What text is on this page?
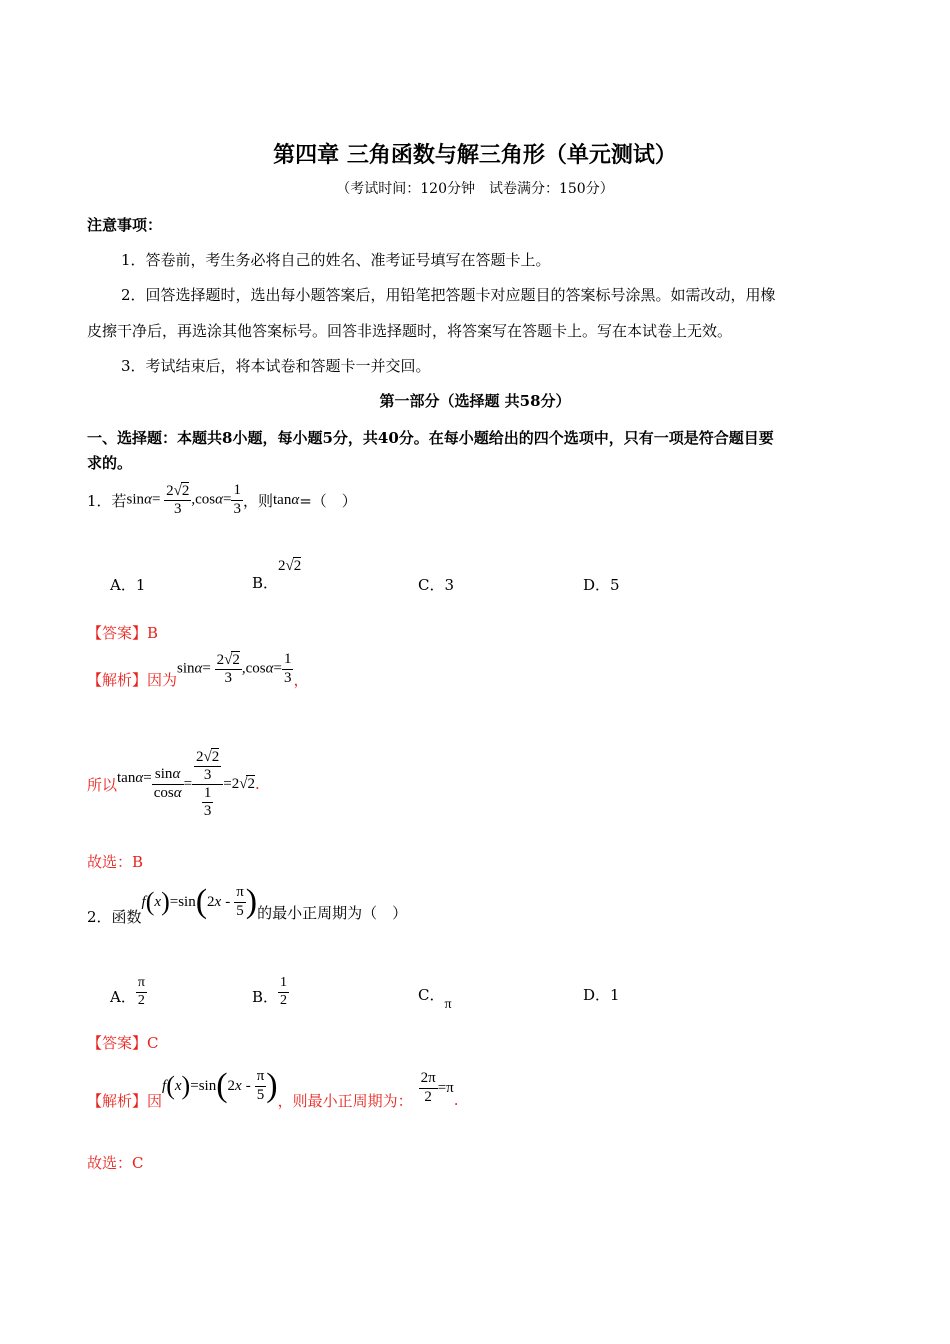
第四章 三角函数与解三角形（单元测试）
（考试时间：120分钟　试卷满分：150分）
注意事项：
1．答卷前，考生务必将自己的姓名、准考证号填写在答题卡上。
2．回答选择题时，选出每小题答案后，用铅笔把答题卡对应题目的答案标号涂黑。如需改动，用橡
皮擦干净后，再选涂其他答案标号。回答非选择题时，将答案写在答题卡上。写在本试卷上无效。
3．考试结束后，将本试卷和答题卡一并交回。
第一部分（选择题 共58分）
一、选择题：本题共8小题，每小题5分，共40分。在每小题给出的四个选项中，只有一项是符合题目要
求的。
1．若 $\sin\alpha= \frac{2√2}{3} ,\cos\alpha= \frac{1}{3}$ ，则 tanα =（　）
A．1	B．2√2
C．3	D．5
【答案】B
【解析】 因为
$\sin\alpha= \frac{2√2}{3} ,\cos\alpha= \frac{1}{3}$ ，
所以 $\tan\alpha= \frac{\sin\alpha}{\cos\alpha} = \frac{\frac{2√2}{3}}{\frac{1}{3}} = 2$ √ 2 .
故选：B
2．函数
f ( x ) = sin ( 2 x - $\frac{\pi}{5}$ ) 的最小正周期为（　）
A． $\frac{\pi}{2}$	B． $\frac{1}{2}$	C．π
D．1
【答案】C
【解析】因
f ( x ) = sin ( 2 x - $\frac{\pi}{5}$ ) ，则最小正周期为： $\frac{2\pi}{2} = \pi$
.
故选：C
